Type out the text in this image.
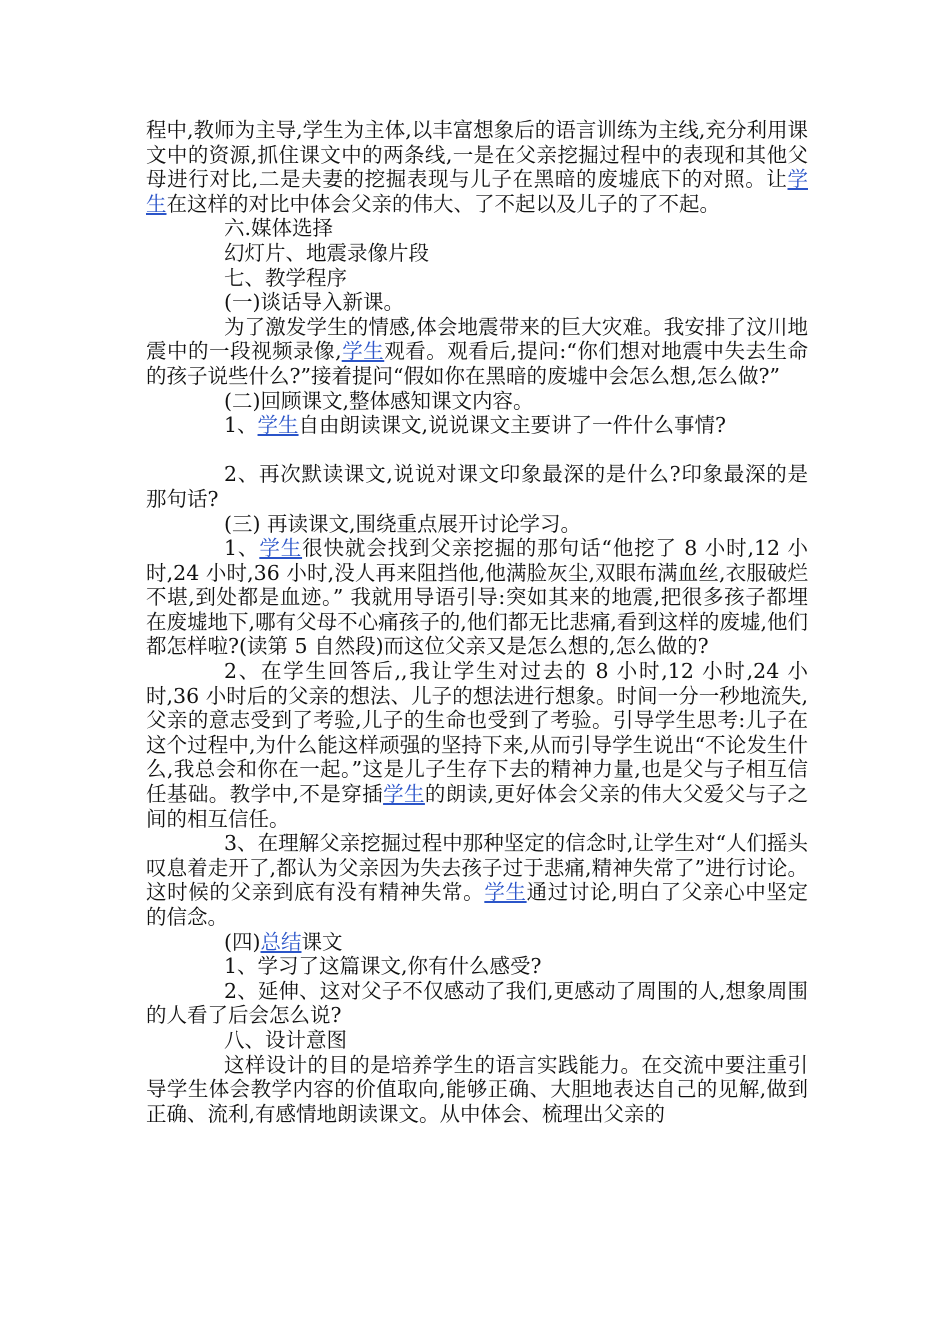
程中,教师为主导,学生为主体,以丰富想象后的语言训练为主线,充分利用课文中的资源,抓住课文中的两条线,一是在父亲挖掘过程中的表现和其他父母进行对比,二是夫妻的挖掘表现与儿子在黑暗的废墟底下的对照。让学生在这样的对比中体会父亲的伟大、了不起以及儿子的了不起。

六.媒体选择

幻灯片、地震录像片段

七、教学程序

(一)谈话导入新课。

为了激发学生的情感,体会地震带来的巨大灾难。我安排了汶川地震中的一段视频录像,学生观看。观看后,提问:“你们想对地震中失去生命的孩子说些什么?”接着提问“假如你在黑暗的废墟中会怎么想,怎么做?”

(二)回顾课文,整体感知课文内容。

1、学生自由朗读课文,说说课文主要讲了一件什么事情?

2、再次默读课文,说说对课文印象最深的是什么?印象最深的是那句话?

(三) 再读课文,围绕重点展开讨论学习。

1、学生很快就会找到父亲挖掘的那句话“他挖了 8 小时,12 小时,24 小时,36 小时,没人再来阻挡他,他满脸灰尘,双眼布满血丝,衣服破烂不堪,到处都是血迹。” 我就用导语引导:突如其来的地震,把很多孩子都埋在废墟地下,哪有父母不心痛孩子的,他们都无比悲痛,看到这样的废墟,他们都怎样啦?(读第 5 自然段)而这位父亲又是怎么想的,怎么做的?

2、在学生回答后,,我让学生对过去的 8 小时,12 小时,24 小时,36 小时后的父亲的想法、儿子的想法进行想象。时间一分一秒地流失,父亲的意志受到了考验,儿子的生命也受到了考验。引导学生思考:儿子在这个过程中,为什么能这样顽强的坚持下来,从而引导学生说出“不论发生什么,我总会和你在一起。”这是儿子生存下去的精神力量,也是父与子相互信任基础。教学中,不是穿插学生的朗读,更好体会父亲的伟大父爱父与子之间的相互信任。

3、在理解父亲挖掘过程中那种坚定的信念时,让学生对“人们摇头叹息着走开了,都认为父亲因为失去孩子过于悲痛,精神失常了”进行讨论。这时候的父亲到底有没有精神失常。学生通过讨论,明白了父亲心中坚定的信念。

(四)总结课文

1、学习了这篇课文,你有什么感受?

2、延伸、这对父子不仅感动了我们,更感动了周围的人,想象周围的人看了后会怎么说?

八、设计意图

这样设计的目的是培养学生的语言实践能力。在交流中要注重引导学生体会教学内容的价值取向,能够正确、大胆地表达自己的见解,做到正确、流利,有感情地朗读课文。从中体会、梳理出父亲的
